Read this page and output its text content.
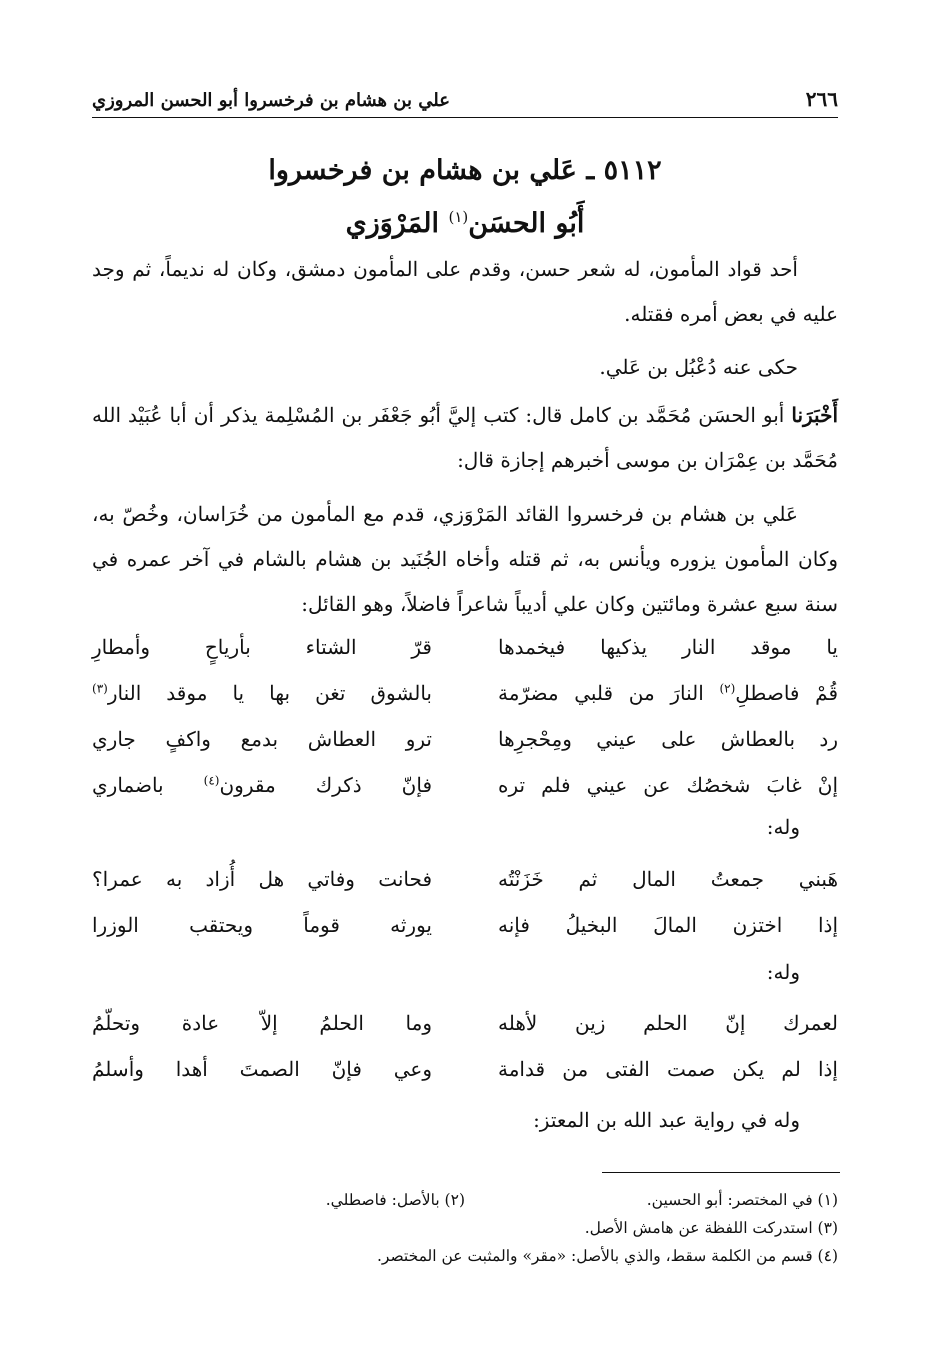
٢٦٦
علي بن هشام بن فرخسروا أبو الحسن المروزي
٥١١٢ ـ عَلي بن هشام بن فرخسروا
أَبُو الحسَن$^{(١)}$ المَرْوَزي
أحد قواد المأمون، له شعر حسن، وقدم على المأمون دمشق، وكان له نديماً، ثم وجد عليه في بعض أمره فقتله.
حكى عنه دُعْبُل بن عَلي.
أَخْبَرَنا أبو الحسَن مُحَمَّد بن كامل قال: كتب إليَّ أبُو جَعْفَر بن المُسْلِمة يذكر أن أبا عُبَيْد الله مُحَمَّد بن عِمْرَان بن موسى أخبرهم إجازة قال:
عَلي بن هشام بن فرخسروا القائد المَرْوَزي، قدم مع المأمون من خُرَاسان، وخُصّ به، وكان المأمون يزوره ويأنس به، ثم قتله وأخاه الجُنَيد بن هشام بالشام في آخر عمره في سنة سبع عشرة ومائتين وكان علي أديباً شاعراً فاضلاً، وهو القائل:
يا موقد النار يذكيها فيخمدها
قرّ الشتاء بأرياحٍ وأمطارِ
قُمْ فاصطلِ$^{(٢)}$ النارَ من قلبي مضرّمة
بالشوق تغن بها يا موقد النار$^{(٣)}$
رد بالعطاش على عيني ومِحْجرِها
ترو العطاش بدمع واكفٍ جاري
إنْ غابَ شخصُك عن عيني فلم تره
فإنّ ذكرك مقرون$^{(٤)}$ باضماري
وله:
هَبني جمعتُ المال ثم خَزَنْتُه
فحانت وفاتي هل أُزاد به عمرا؟
إذا اختزن المالَ البخيلُ فإنه
يورثه قوماً ويحتقب الوزرا
وله:
لعمرك إنّ الحلم زين لأهله
وما الحلمُ إلاّ عادة وتحلّمُ
إذا لم يكن صمت الفتى من قدامة
وعي فإنّ الصمتَ أهدا وأسلمُ
وله في رواية عبد الله بن المعتز:
(١) في المختصر: أبو الحسين.
(٢) بالأصل: فاصطلي.
(٣) استدركت اللفظة عن هامش الأصل.
(٤) قسم من الكلمة سقط، والذي بالأصل: «مقر» والمثبت عن المختصر.
